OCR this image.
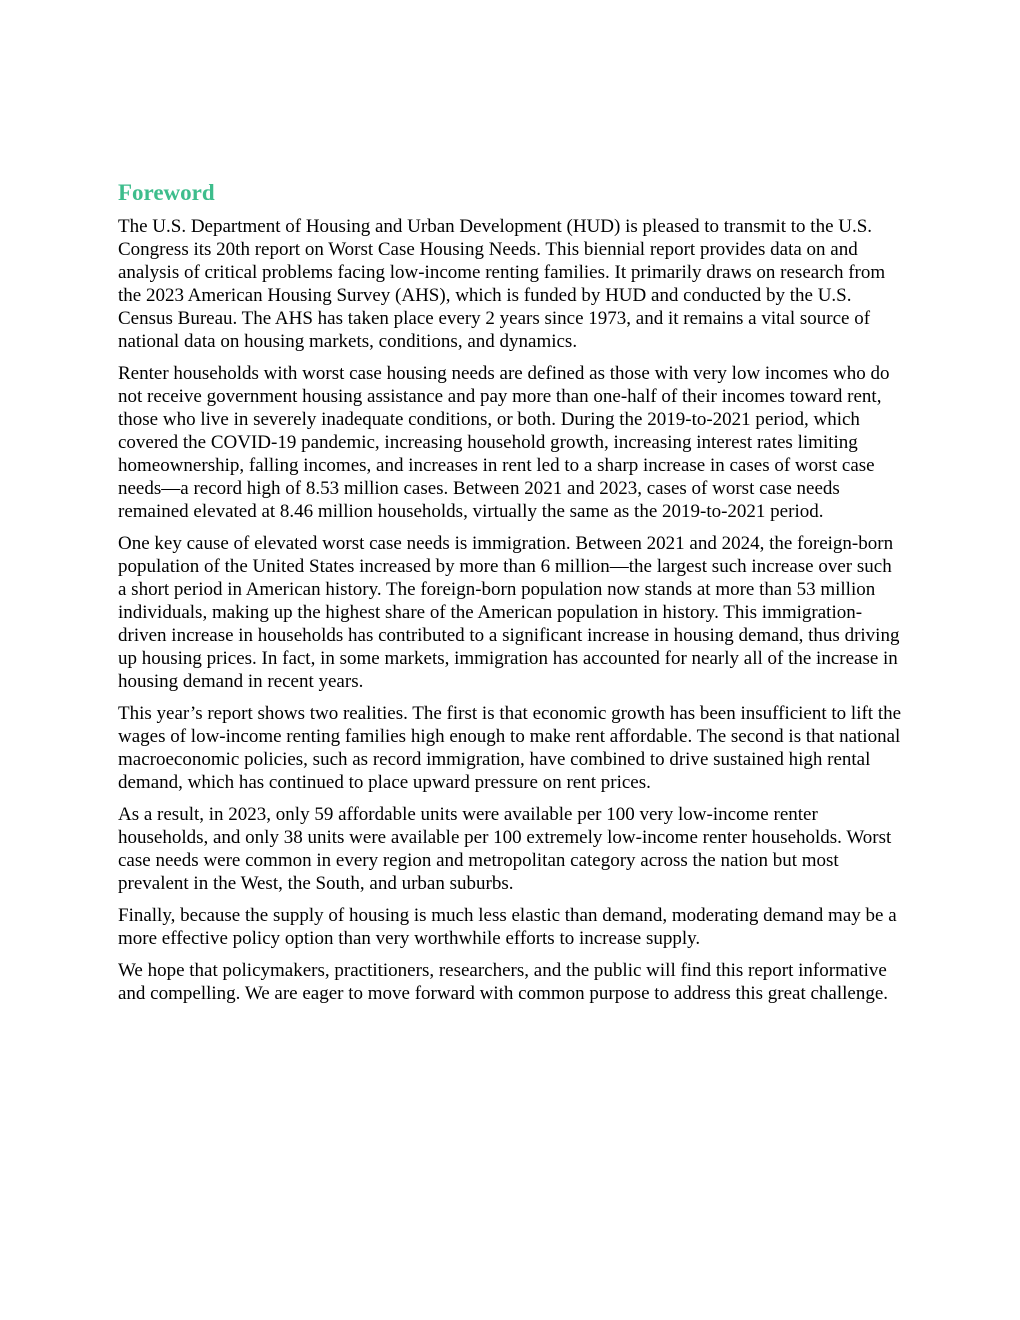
Foreword

The U.S. Department of Housing and Urban Development (HUD) is pleased to transmit to the U.S. Congress its 20th report on Worst Case Housing Needs. This biennial report provides data on and analysis of critical problems facing low-income renting families. It primarily draws on research from the 2023 American Housing Survey (AHS), which is funded by HUD and conducted by the U.S. Census Bureau. The AHS has taken place every 2 years since 1973, and it remains a vital source of national data on housing markets, conditions, and dynamics.

Renter households with worst case housing needs are defined as those with very low incomes who do not receive government housing assistance and pay more than one-half of their incomes toward rent, those who live in severely inadequate conditions, or both. During the 2019-to-2021 period, which covered the COVID-19 pandemic, increasing household growth, increasing interest rates limiting homeownership, falling incomes, and increases in rent led to a sharp increase in cases of worst case needs—a record high of 8.53 million cases. Between 2021 and 2023, cases of worst case needs remained elevated at 8.46 million households, virtually the same as the 2019-to-2021 period.

One key cause of elevated worst case needs is immigration. Between 2021 and 2024, the foreign-born population of the United States increased by more than 6 million—the largest such increase over such a short period in American history. The foreign-born population now stands at more than 53 million individuals, making up the highest share of the American population in history. This immigration-driven increase in households has contributed to a significant increase in housing demand, thus driving up housing prices. In fact, in some markets, immigration has accounted for nearly all of the increase in housing demand in recent years.

This year’s report shows two realities. The first is that economic growth has been insufficient to lift the wages of low-income renting families high enough to make rent affordable. The second is that national macroeconomic policies, such as record immigration, have combined to drive sustained high rental demand, which has continued to place upward pressure on rent prices.

As a result, in 2023, only 59 affordable units were available per 100 very low-income renter households, and only 38 units were available per 100 extremely low-income renter households. Worst case needs were common in every region and metropolitan category across the nation but most prevalent in the West, the South, and urban suburbs.

Finally, because the supply of housing is much less elastic than demand, moderating demand may be a more effective policy option than very worthwhile efforts to increase supply.

We hope that policymakers, practitioners, researchers, and the public will find this report informative and compelling. We are eager to move forward with common purpose to address this great challenge.
